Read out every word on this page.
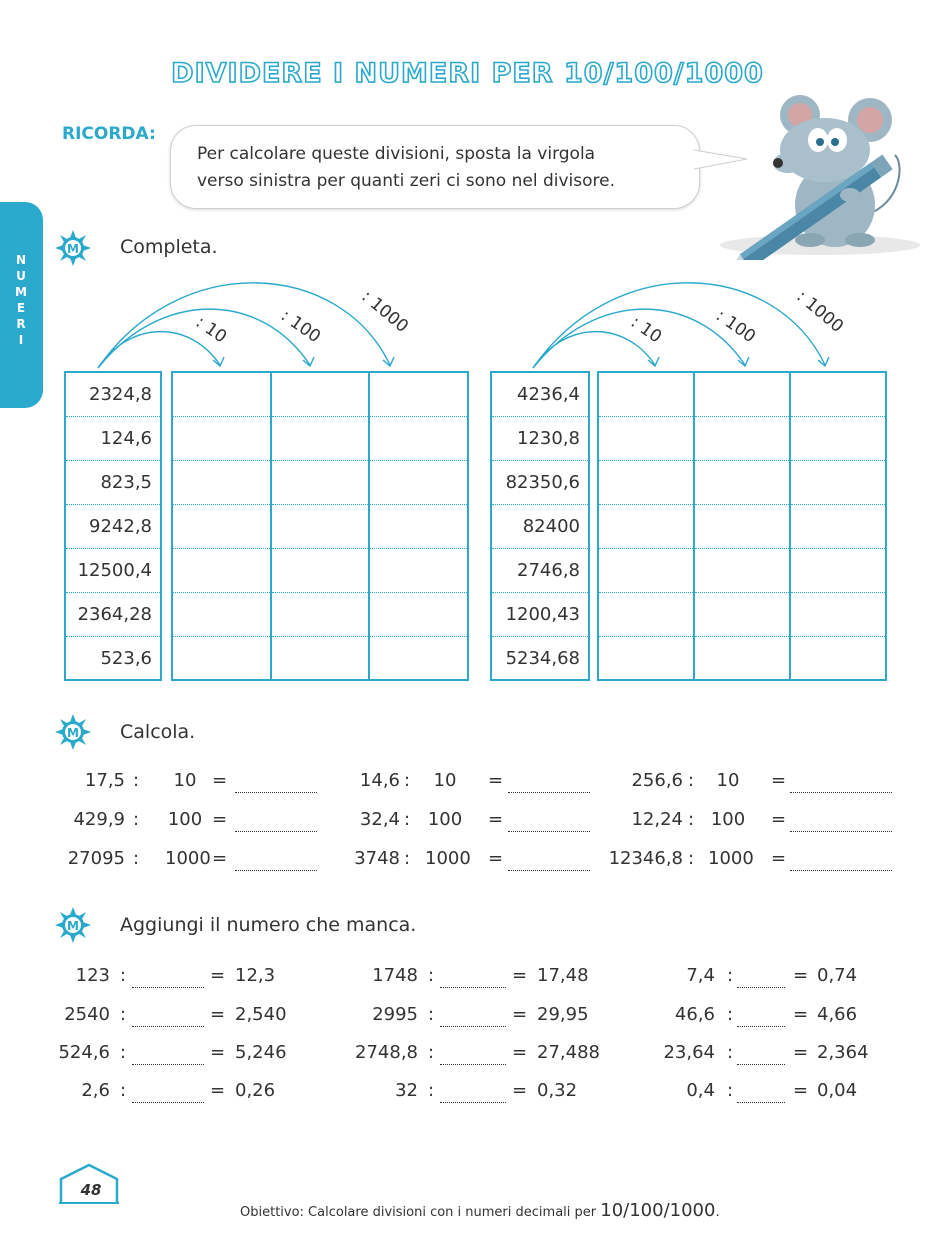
DIVIDERE I NUMERI PER 10/100/1000
N
U
M
E
R
I
RICORDA:
Per calcolare queste divisioni, sposta la virgola
verso sinistra per quanti zeri ci sono nel divisore.
M Completa.
: 10	: 100 : 1000	: 10	: 100 : 1000
2324,8
124,6
823,5
9242,8
12500,4
2364,28
523,6
4236,4
1230,8
82350,6
82400
2746,8
1200,43
5234,68
M Calcola.
17,5 :	10 =	14,6 :	10	=	256,6 :	10	=
429,9 : 100 =	32,4 : 100 =	12,24 : 100 =
27095 : 1000 =	3748 : 1000 =	12346,8 : 1000 =
M Aggiungi il numero che manca.
123 :	= 12,3	1748 :	= 17,48	7,4 :	= 0,74
2540 :	= 2,540	2995 :	= 29,95	46,6 :	= 4,66
524,6 :	= 5,246	2748,8 :	= 27,488	23,64 :	= 2,364
2,6 :	= 0,26	32 :	= 0,32	0,4 :	= 0,04
48
Obiettivo: Calcolare divisioni con i numeri decimali per 10/100/1000.
